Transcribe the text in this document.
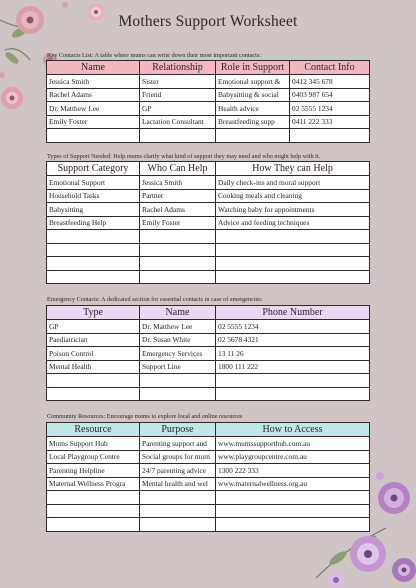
Mothers Support Worksheet
Key Contacts List: A table where mums can write down their most important contacts:
Name	Relationship	Role in Support	Contact Info
Jessica Smith	Sister	Emotional support &	0412 345 678
Rachel Adams	Friend	Babysitting & social	0403 987 654
Dr. Matthew Lee	GP	Health advice	02 5555 1234
Emily Foster	Lactation Consultant	Breastfeeding supp	0411 222 333

Types of Support Needed: Help mums clarify what kind of support they may need and who might help with it.
Support Category	Who Can Help	How They can Help
Emotional Support	Jessica Smith	Daily check-ins and moral support
Household Tasks	Partner	Cooking meals and cleaning
Babysitting	Rachel Adams	Watching baby for appointments
Breastfeeding Help	Emily Foster	Advice and feeding techniques

Emergency Contacts: A dedicated section for essential contacts in case of emergencies:
Type	Name	Phone Number
GP	Dr. Matthew Lee	02 5555 1234
Paediatrician	Dr. Susan White	02 5678 4321
Poison Control	Emergency Services	13 11 26
Mental Health	Support Line	1800 111 222

Community Resources: Encourage mums to explore local and online resources
Resource	Purpose	How to Access
Mums Support Hub	Parenting support and	www.mumssupporthub.com.au
Local Playgroup Centre	Social groups for mum	www.playgroupcentre.com.au
Parenting Helpline	24/7 parenting advice	1300 222 333
Maternal Wellness Progra	Mental health and wel	www.maternalwellness.org.au
